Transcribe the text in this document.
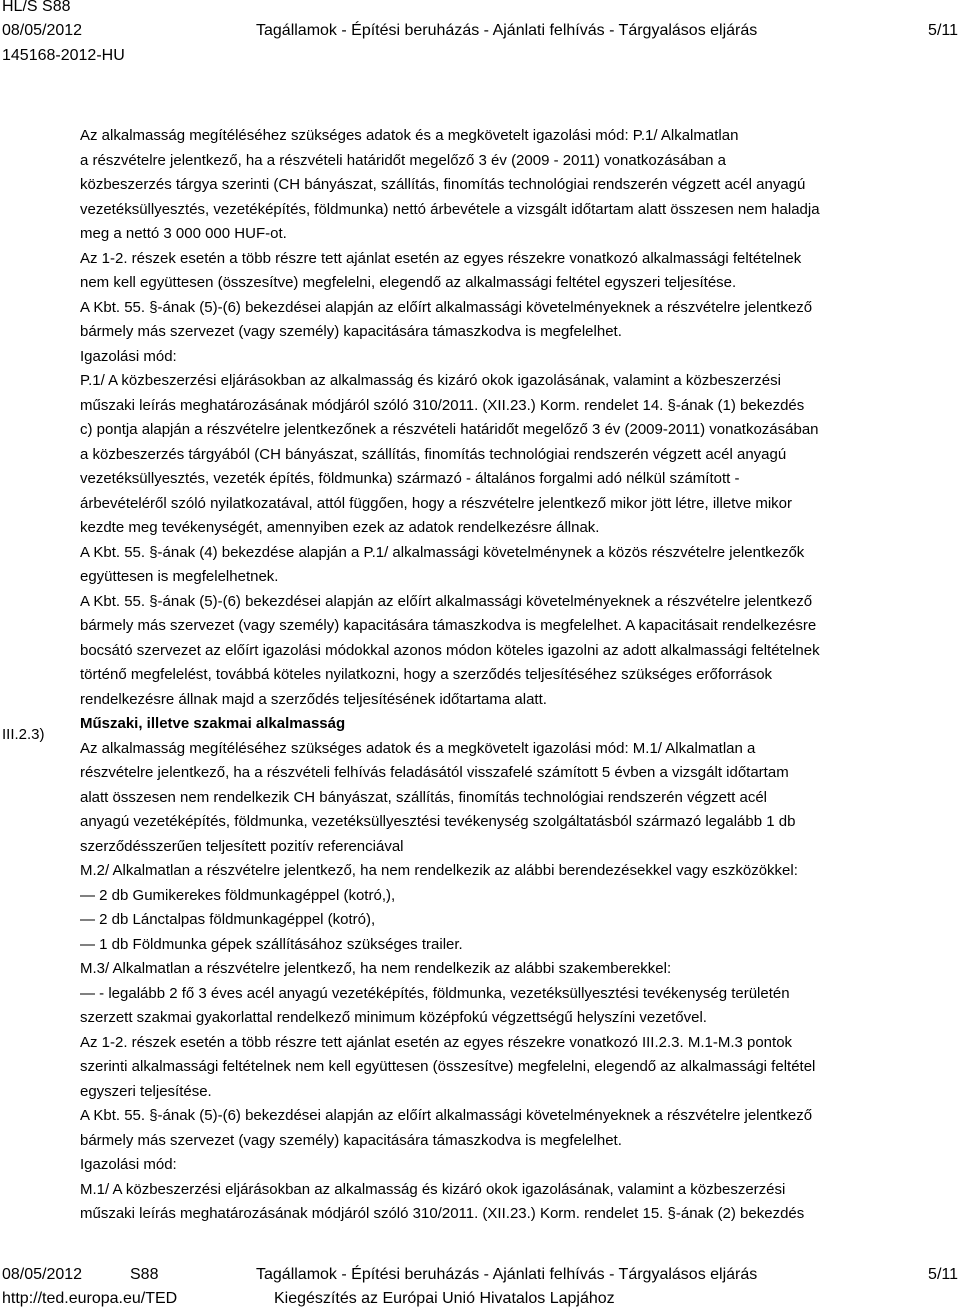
HL/S S88
08/05/2012	Tagállamok - Építési beruházás - Ajánlati felhívás - Tárgyalásos eljárás	5/11
145168-2012-HU
III.2.3)

Az alkalmasság megítéléséhez szükséges adatok és a megkövetelt igazolási mód: P.1/ Alkalmatlan

a részvételre jelentkező, ha a részvételi határidőt megelőző 3 év (2009 - 2011) vonatkozásában a

közbeszerzés tárgya szerinti (CH bányászat, szállítás, finomítás technológiai rendszerén végzett acél anyagú

vezetéksüllyesztés, vezetéképítés, földmunka) nettó árbevétele a vizsgált időtartam alatt összesen nem haladja

meg a nettó 3 000 000 HUF-ot.

Az 1-2. részek esetén a több részre tett ajánlat esetén az egyes részekre vonatkozó alkalmassági feltételnek

nem kell együttesen (összesítve) megfelelni, elegendő az alkalmassági feltétel egyszeri teljesítése.

A Kbt. 55. §-ának (5)-(6) bekezdései alapján az előírt alkalmassági követelményeknek a részvételre jelentkező

bármely más szervezet (vagy személy) kapacitására támaszkodva is megfelelhet.

Igazolási mód:

P.1/ A közbeszerzési eljárásokban az alkalmasság és kizáró okok igazolásának, valamint a közbeszerzési

műszaki leírás meghatározásának módjáról szóló 310/2011. (XII.23.) Korm. rendelet 14. §-ának (1) bekezdés

c) pontja alapján a részvételre jelentkezőnek a részvételi határidőt megelőző 3 év (2009-2011) vonatkozásában

a közbeszerzés tárgyából (CH bányászat, szállítás, finomítás technológiai rendszerén végzett acél anyagú

vezetéksüllyesztés, vezeték építés, földmunka) származó - általános forgalmi adó nélkül számított -

árbevételéről szóló nyilatkozatával, attól függően, hogy a részvételre jelentkező mikor jött létre, illetve mikor

kezdte meg tevékenységét, amennyiben ezek az adatok rendelkezésre állnak.

A Kbt. 55. §-ának (4) bekezdése alapján a P.1/ alkalmassági követelménynek a közös részvételre jelentkezők

együttesen is megfelelhetnek.

A Kbt. 55. §-ának (5)-(6) bekezdései alapján az előírt alkalmassági követelményeknek a részvételre jelentkező

bármely más szervezet (vagy személy) kapacitására támaszkodva is megfelelhet. A kapacitásait rendelkezésre

bocsátó szervezet az előírt igazolási módokkal azonos módon köteles igazolni az adott alkalmassági feltételnek

történő megfelelést, továbbá köteles nyilatkozni, hogy a szerződés teljesítéséhez szükséges erőforrások

rendelkezésre állnak majd a szerződés teljesítésének időtartama alatt.

Műszaki, illetve szakmai alkalmasság

Az alkalmasság megítéléséhez szükséges adatok és a megkövetelt igazolási mód: M.1/ Alkalmatlan a

részvételre jelentkező, ha a részvételi felhívás feladásától visszafelé számított 5 évben a vizsgált időtartam

alatt összesen nem rendelkezik CH bányászat, szállítás, finomítás technológiai rendszerén végzett acél

anyagú vezetéképítés, földmunka, vezetéksüllyesztési tevékenység szolgáltatásból származó legalább 1 db

szerződésszerűen teljesített pozitív referenciával

M.2/ Alkalmatlan a részvételre jelentkező, ha nem rendelkezik az alábbi berendezésekkel vagy eszközökkel:

— 2 db Gumikerekes földmunkagéppel (kotró,),

— 2 db Lánctalpas földmunkagéppel (kotró),

— 1 db Földmunka gépek szállításához szükséges trailer.

M.3/ Alkalmatlan a részvételre jelentkező, ha nem rendelkezik az alábbi szakemberekkel:

— - legalább 2 fő 3 éves acél anyagú vezetéképítés, földmunka, vezetéksüllyesztési tevékenység területén

szerzett szakmai gyakorlattal rendelkező minimum középfokú végzettségű helyszíni vezetővel.

Az 1-2. részek esetén a több részre tett ajánlat esetén az egyes részekre vonatkozó III.2.3. M.1-M.3 pontok

szerinti alkalmassági feltételnek nem kell együttesen (összesítve) megfelelni, elegendő az alkalmassági feltétel

egyszeri teljesítése.

A Kbt. 55. §-ának (5)-(6) bekezdései alapján az előírt alkalmassági követelményeknek a részvételre jelentkező

bármely más szervezet (vagy személy) kapacitására támaszkodva is megfelelhet.

Igazolási mód:

M.1/ A közbeszerzési eljárásokban az alkalmasság és kizáró okok igazolásának, valamint a közbeszerzési

műszaki leírás meghatározásának módjáról szóló 310/2011. (XII.23.) Korm. rendelet 15. §-ának (2) bekezdés

08/05/2012	S88	Tagállamok - Építési beruházás - Ajánlati felhívás - Tárgyalásos eljárás	5/11
http://ted.europa.eu/TED	Kiegészítés az Európai Unió Hivatalos Lapjához
